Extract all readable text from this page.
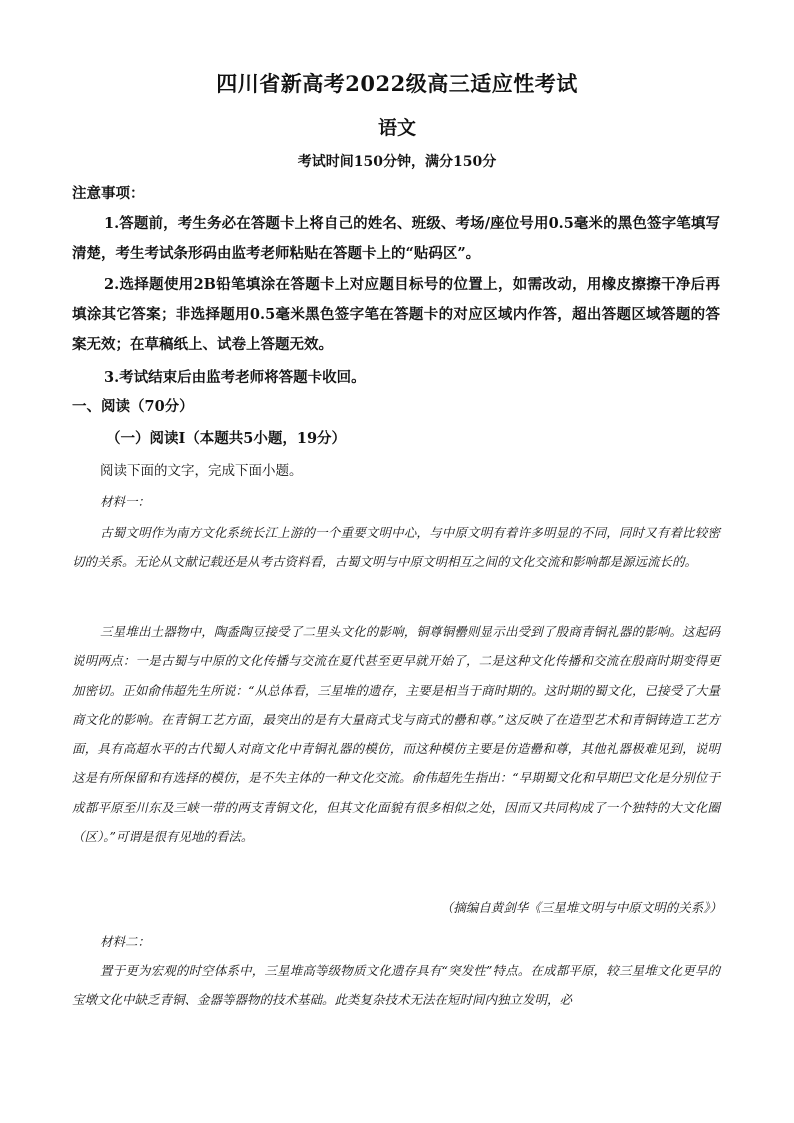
四川省新高考2022级高三适应性考试
语文
考试时间150分钟，满分150分
注意事项：

1.答题前，考生务必在答题卡上将自己的姓名、班级、考场/座位号用0.5毫米的黑色签字笔填写清楚，考生考试条形码由监考老师粘贴在答题卡上的“贴码区”。

2.选择题使用2B铅笔填涂在答题卡上对应题目标号的位置上，如需改动，用橡皮擦擦干净后再填涂其它答案；非选择题用0.5毫米黑色签字笔在答题卡的对应区域内作答，超出答题区域答题的答案无效；在草稿纸上、试卷上答题无效。

3.考试结束后由监考老师将答题卡收回。

一、阅读（70分）
（一）阅读Ⅰ（本题共5小题，19分）
阅读下面的文字，完成下面小题。
材料一：

古蜀文明作为南方文化系统长江上游的一个重要文明中心，与中原文明有着许多明显的不同，同时又有着比较密切的关系。无论从文献记载还是从考古资料看，古蜀文明与中原文明相互之间的文化交流和影响都是源远流长的。

三星堆出土器物中，陶盉陶豆接受了二里头文化的影响，铜尊铜罍则显示出受到了殷商青铜礼器的影响。这起码说明两点：一是古蜀与中原的文化传播与交流在夏代甚至更早就开始了，二是这种文化传播和交流在殷商时期变得更加密切。正如俞伟超先生所说：“从总体看，三星堆的遗存，主要是相当于商时期的。这时期的蜀文化，已接受了大量商文化的影响。在青铜工艺方面，最突出的是有大量商式戈与商式的罍和尊。”这反映了在造型艺术和青铜铸造工艺方面，具有高超水平的古代蜀人对商文化中青铜礼器的模仿，而这种模仿主要是仿造罍和尊，其他礼器极难见到，说明这是有所保留和有选择的模仿，是不失主体的一种文化交流。俞伟超先生指出：“早期蜀文化和早期巴文化是分别位于成都平原至川东及三峡一带的两支青铜文化，但其文化面貌有很多相似之处，因而又共同构成了一个独特的大文化圈（区）。”可谓是很有见地的看法。

（摘编自黄剑华《三星堆文明与中原文明的关系》）
材料二：

置于更为宏观的时空体系中，三星堆高等级物质文化遗存具有“突发性”特点。在成都平原，较三星堆文化更早的宝墩文化中缺乏青铜、金器等器物的技术基础。此类复杂技术无法在短时间内独立发明，必
